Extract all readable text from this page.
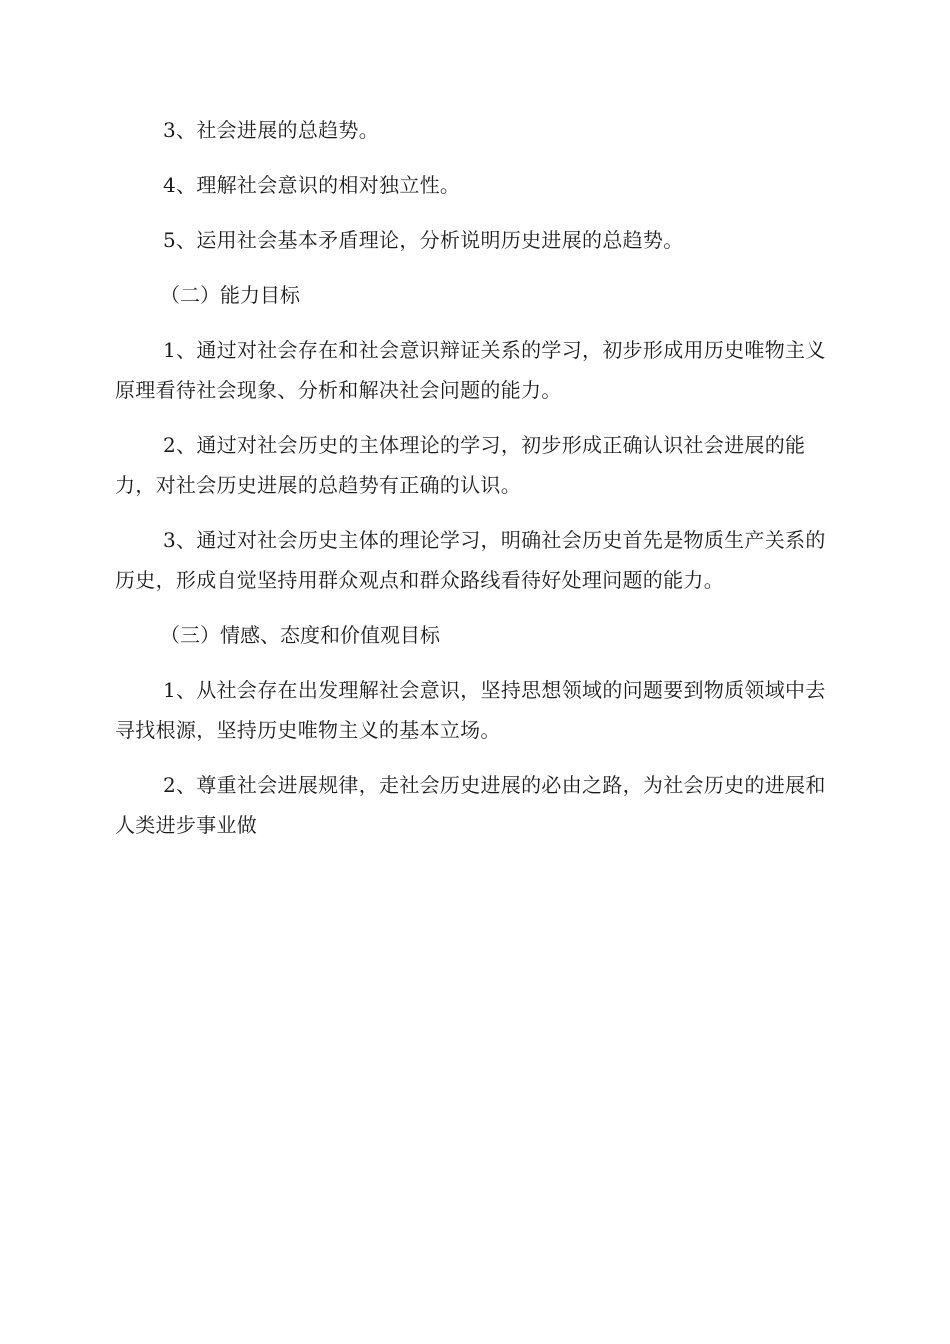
3、社会进展的总趋势。

4、理解社会意识的相对独立性。

5、运用社会基本矛盾理论，分析说明历史进展的总趋势。

（二）能力目标

1、通过对社会存在和社会意识辩证关系的学习，初步形成用历史唯物主义原理看待社会现象、分析和解决社会问题的能力。

2、通过对社会历史的主体理论的学习，初步形成正确认识社会进展的能力，对社会历史进展的总趋势有正确的认识。

3、通过对社会历史主体的理论学习，明确社会历史首先是物质生产关系的历史，形成自觉坚持用群众观点和群众路线看待好处理问题的能力。

（三）情感、态度和价值观目标

1、从社会存在出发理解社会意识，坚持思想领域的问题要到物质领域中去寻找根源，坚持历史唯物主义的基本立场。

2、尊重社会进展规律，走社会历史进展的必由之路，为社会历史的进展和人类进步事业做
